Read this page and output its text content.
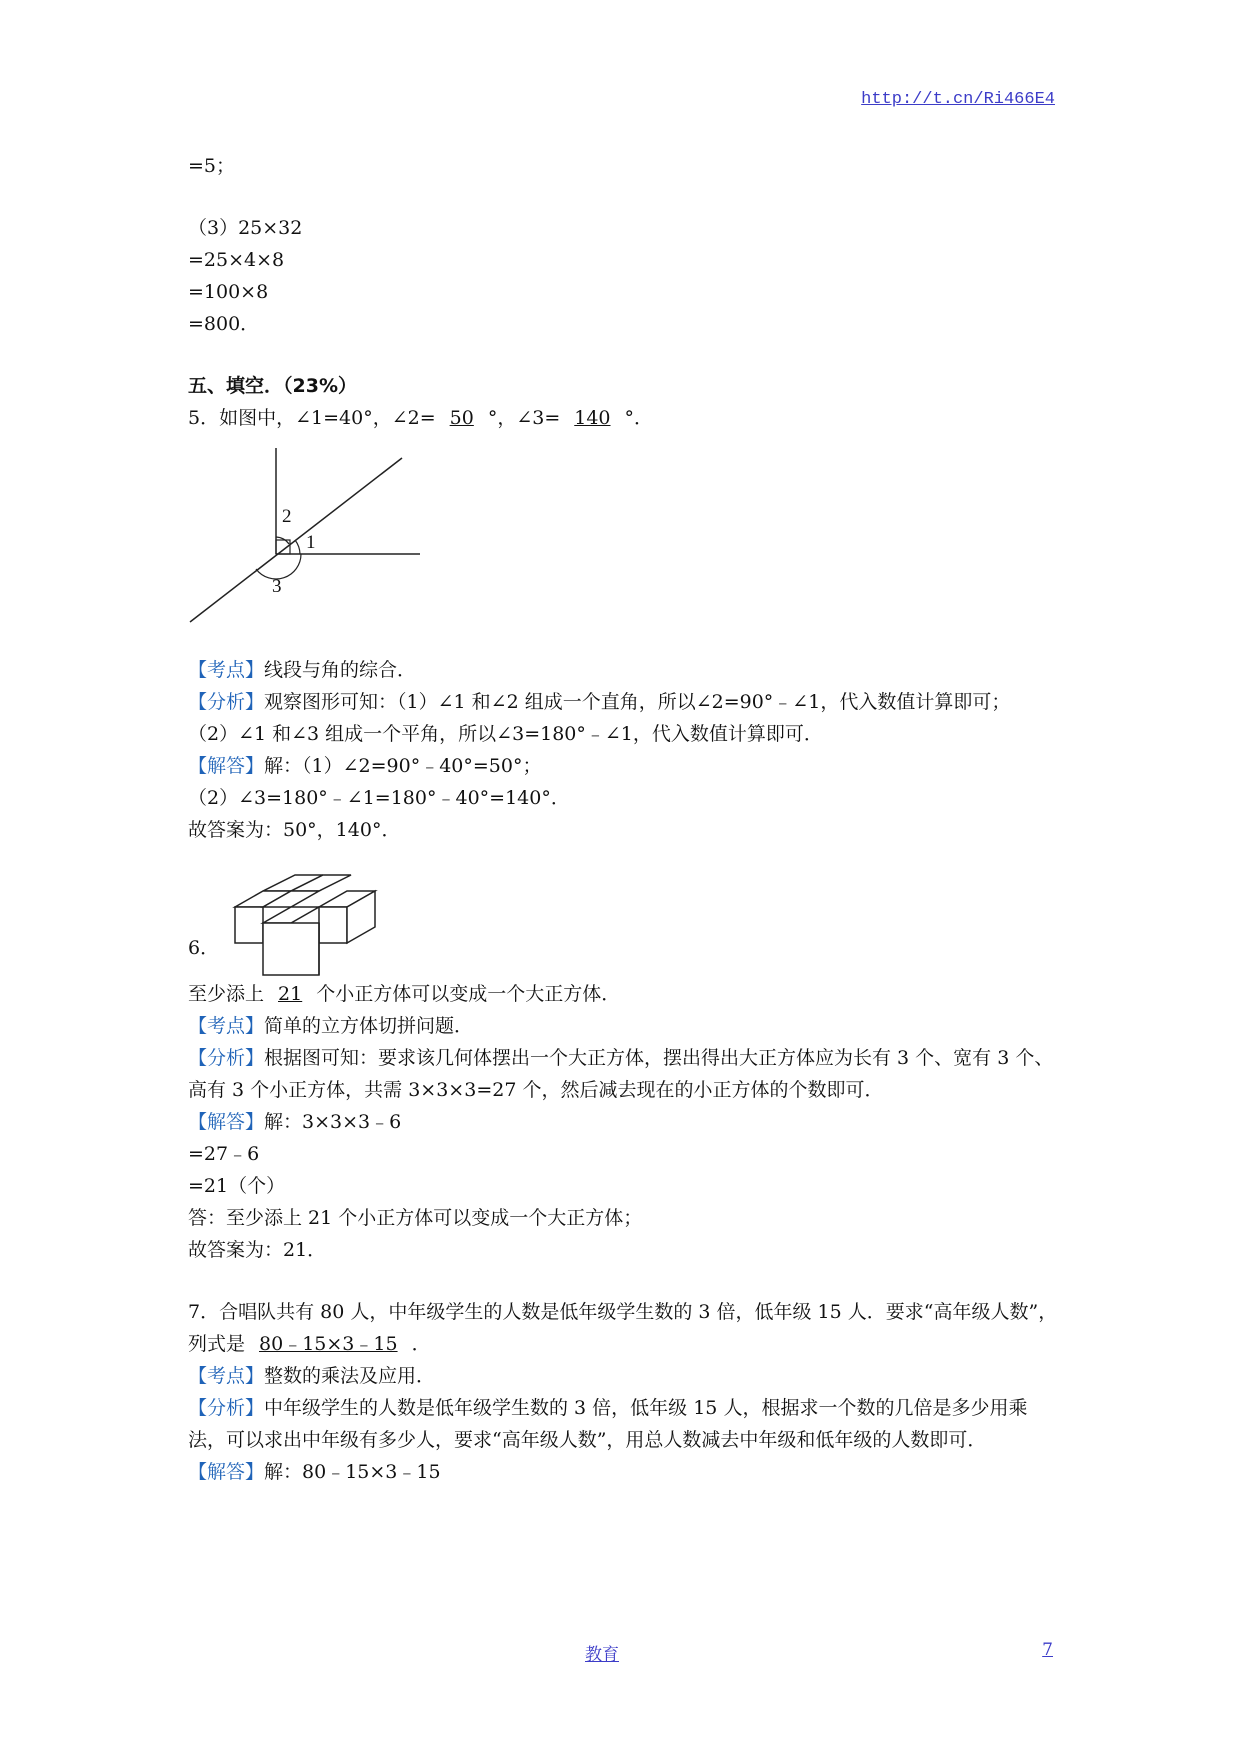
http://t.cn/Ri466E4
=5；
（3）25×32
=25×4×8
=100×8
=800．
五、填空．（23%）
5．如图中，∠1=40°，∠2= 50 °，∠3= 140 °．
1
2
3
【考点】线段与角的综合．
【分析】观察图形可知：（1）∠1 和∠2 组成一个直角，所以∠2=90°﹣∠1，代入数值计算即可；
（2）∠1 和∠3 组成一个平角，所以∠3=180°﹣∠1，代入数值计算即可．
【解答】解：（1）∠2=90°﹣40°=50°；
（2）∠3=180°﹣∠1=180°﹣40°=140°．
故答案为：50°，140°．
6．
至少添上 21 个小正方体可以变成一个大正方体．
【考点】简单的立方体切拼问题．
【分析】根据图可知：要求该几何体摆出一个大正方体，摆出得出大正方体应为长有 3 个、宽有 3 个、高有 3 个小正方体，共需 3×3×3=27 个，然后减去现在的小正方体的个数即可．
【解答】解：3×3×3﹣6
=27﹣6
=21（个）
答：至少添上 21 个小正方体可以变成一个大正方体；
故答案为：21．
7．合唱队共有 80 人，中年级学生的人数是低年级学生数的 3 倍，低年级 15 人．要求“高年级人数”，列式是 80﹣15×3﹣15 ．
【考点】整数的乘法及应用．
【分析】中年级学生的人数是低年级学生数的 3 倍，低年级 15 人，根据求一个数的几倍是多少用乘法，可以求出中年级有多少人，要求“高年级人数”，用总人数减去中年级和低年级的人数即可．
【解答】解：80﹣15×3﹣15
教育	7
